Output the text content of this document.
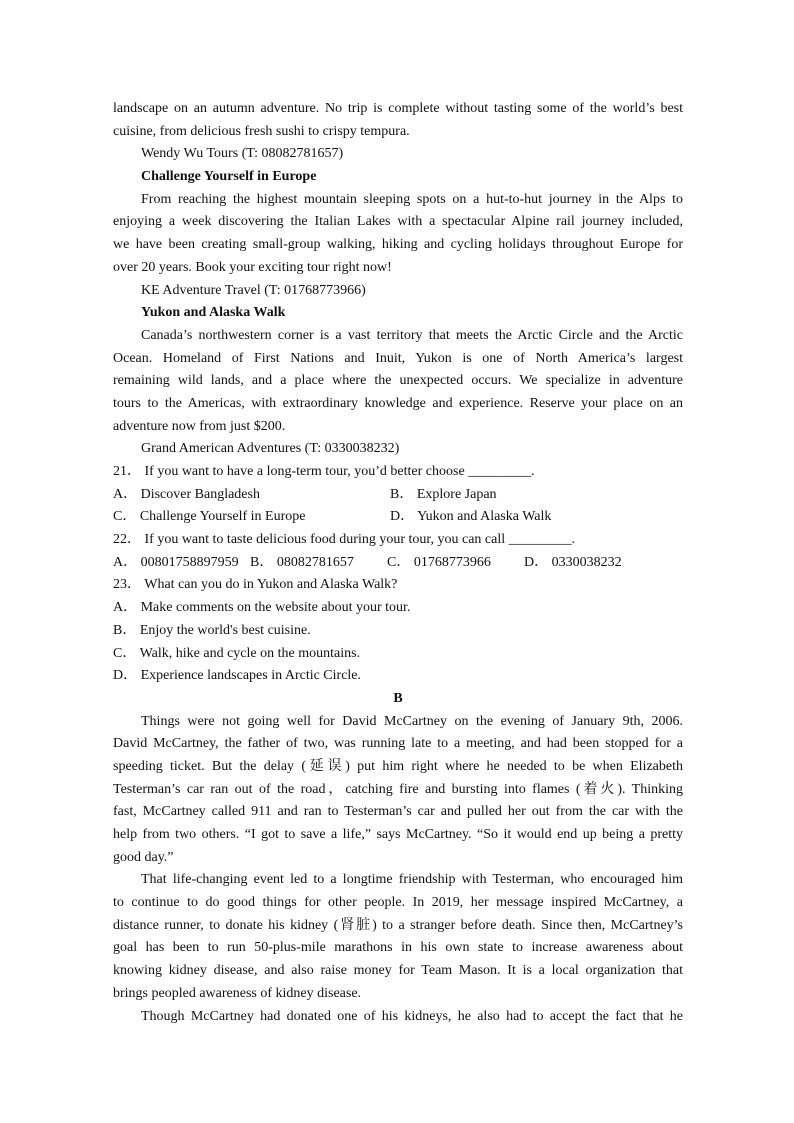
landscape on an autumn adventure. No trip is complete without tasting some of the world’s best
cuisine, from delicious fresh sushi to crispy tempura.
Wendy Wu Tours (T: 08082781657)
Challenge Yourself in Europe
From reaching the highest mountain sleeping spots on a hut-to-hut journey in the Alps to
enjoying a week discovering the Italian Lakes with a spectacular Alpine rail journey included,
we have been creating small-group walking, hiking and cycling holidays throughout Europe for
over 20 years. Book your exciting tour right now!
KE Adventure Travel (T: 01768773966)
Yukon and Alaska Walk
Canada’s northwestern corner is a vast territory that meets the Arctic Circle and the Arctic
Ocean. Homeland of First Nations and Inuit, Yukon is one of North America’s largest
remaining wild lands, and a place where the unexpected occurs. We specialize in adventure
tours to the Americas, with extraordinary knowledge and experience. Reserve your place on an
adventure now from just $200.
Grand American Adventures (T: 0330038232)
21． If you want to have a long-term tour, you’d better choose _________.
A． Discover Bangladesh	B． Explore Japan
C． Challenge Yourself in Europe	D． Yukon and Alaska Walk
22． If you want to taste delicious food during your tour, you can call _________.
A． 00801758897959 B． 08082781657 C． 01768773966 D． 0330038232
23． What can you do in Yukon and Alaska Walk?
A． Make comments on the website about your tour.
B． Enjoy the world's best cuisine.
C． Walk, hike and cycle on the mountains.
D． Experience landscapes in Arctic Circle.
B
Things were not going well for David McCartney on the evening of January 9th, 2006.
David McCartney, the father of two, was running late to a meeting, and had been stopped for a
speeding ticket. But the delay (延误) put him right where he needed to be when Elizabeth
Testerman’s car ran out of the road，catching fire and bursting into flames (着火). Thinking
fast, McCartney called 911 and ran to Testerman’s car and pulled her out from the car with the
help from two others. “I got to save a life,” says McCartney. “So it would end up being a pretty
good day.”
That life-changing event led to a longtime friendship with Testerman, who encouraged him
to continue to do good things for other people. In 2019, her message inspired McCartney, a
distance runner, to donate his kidney (肾脏) to a stranger before death. Since then, McCartney’s
goal has been to run 50-plus-mile marathons in his own state to increase awareness about
knowing kidney disease, and also raise money for Team Mason. It is a local organization that
brings peopled awareness of kidney disease.
Though McCartney had donated one of his kidneys, he also had to accept the fact that he
